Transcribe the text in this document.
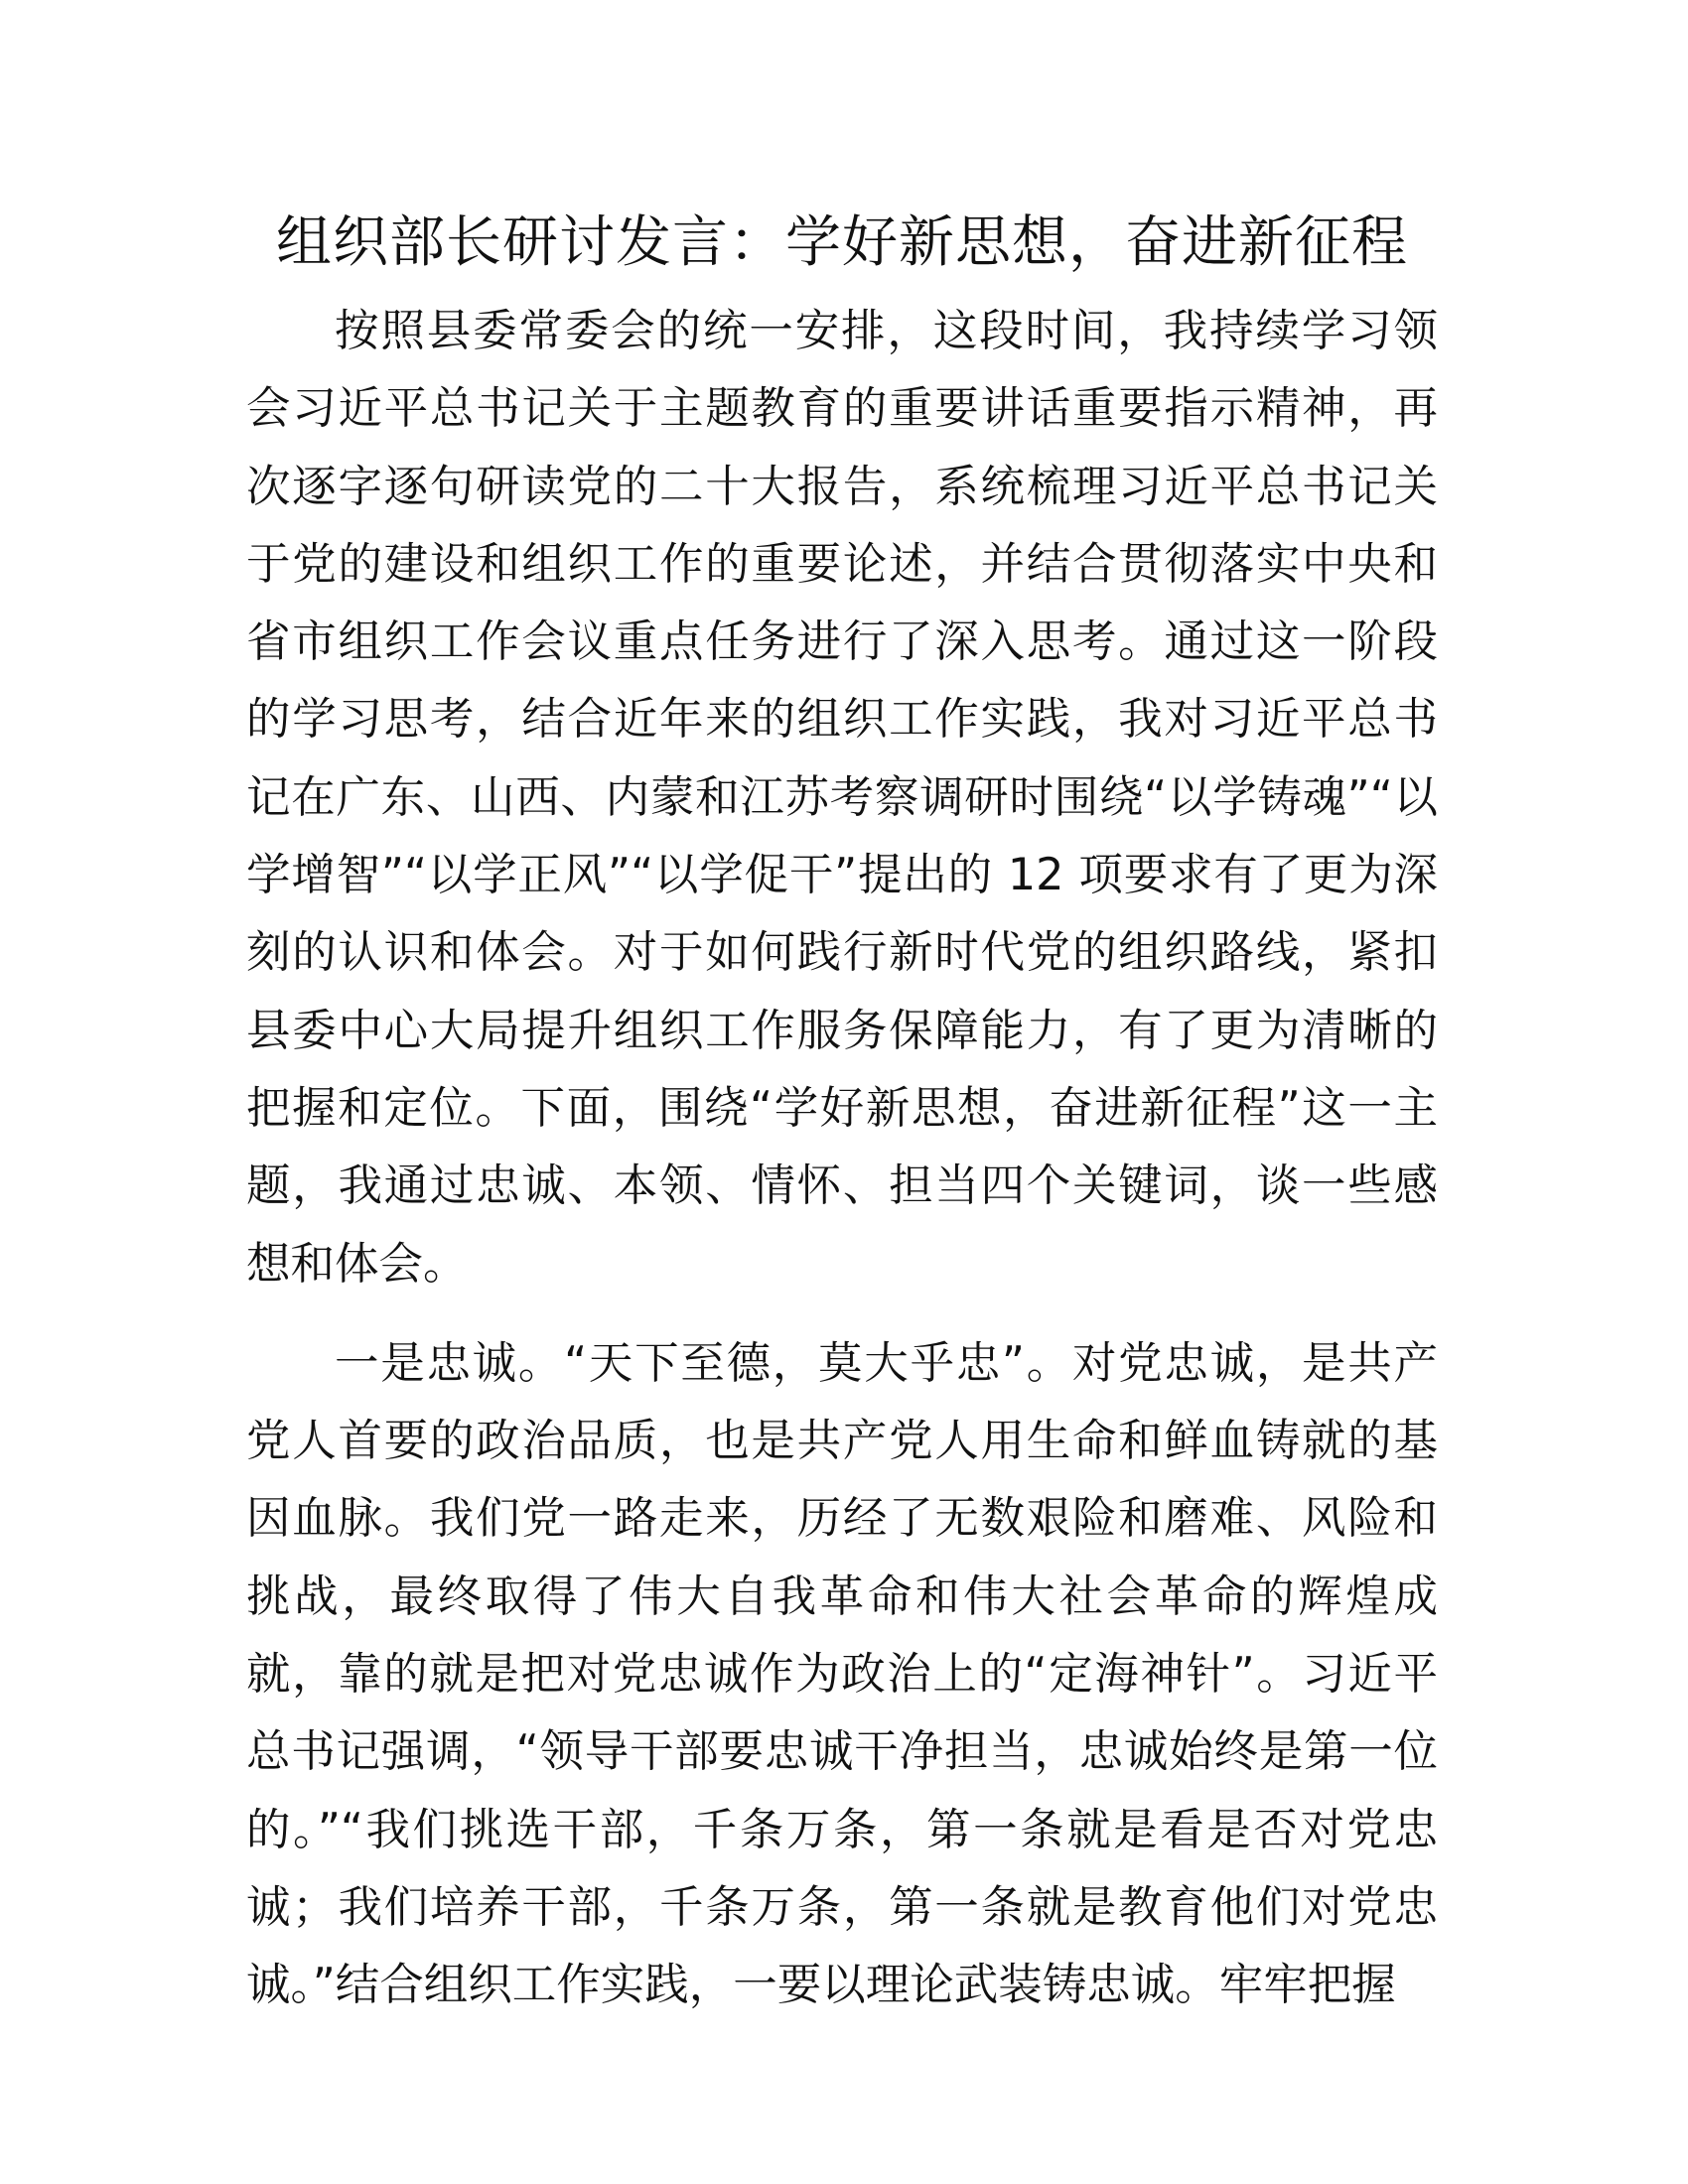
组织部长研讨发言：学好新思想，奋进新征程

按照县委常委会的统一安排，这段时间，我持续学习领会习近平总书记关于主题教育的重要讲话重要指示精神，再次逐字逐句研读党的二十大报告，系统梳理习近平总书记关于党的建设和组织工作的重要论述，并结合贯彻落实中央和省市组织工作会议重点任务进行了深入思考。通过这一阶段的学习思考，结合近年来的组织工作实践，我对习近平总书记在广东、山西、内蒙和江苏考察调研时围绕“以学铸魂”“以学增智”“以学正风”“以学促干”提出的 12 项要求有了更为深刻的认识和体会。对于如何践行新时代党的组织路线，紧扣县委中心大局提升组织工作服务保障能力，有了更为清晰的把握和定位。下面，围绕“学好新思想，奋进新征程”这一主题，我通过忠诚、本领、情怀、担当四个关键词，谈一些感想和体会。

一是忠诚。“天下至德，莫大乎忠”。对党忠诚，是共产党人首要的政治品质，也是共产党人用生命和鲜血铸就的基因血脉。我们党一路走来，历经了无数艰险和磨难、风险和挑战，最终取得了伟大自我革命和伟大社会革命的辉煌成就，靠的就是把对党忠诚作为政治上的“定海神针”。习近平总书记强调，“领导干部要忠诚干净担当，忠诚始终是第一位的。”“我们挑选干部，千条万条，第一条就是看是否对党忠诚；我们培养干部，千条万条，第一条就是教育他们对党忠诚。”结合组织工作实践，一要以理论武装铸忠诚。牢牢把握
